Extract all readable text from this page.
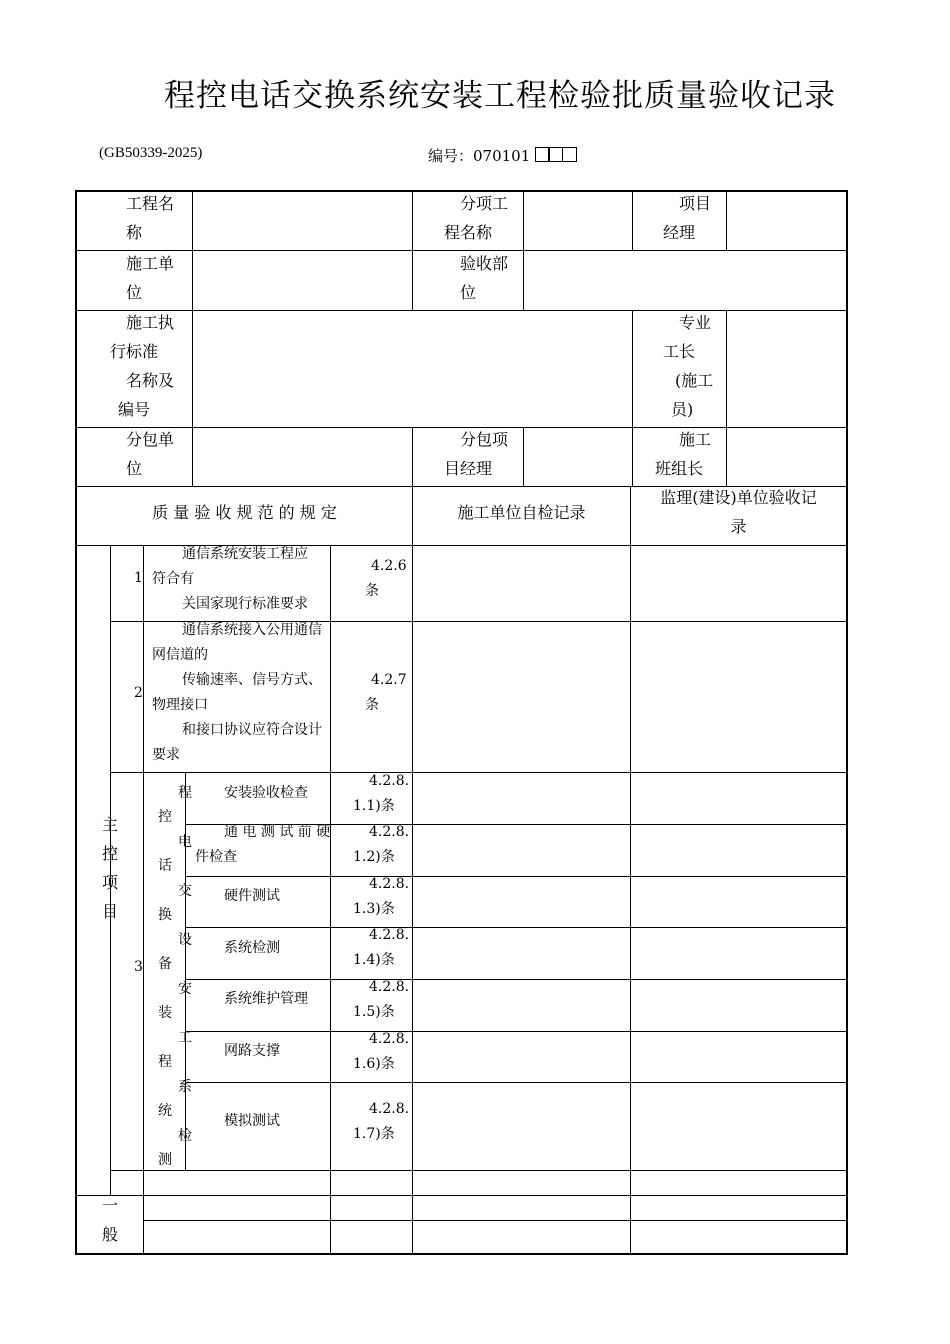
程控电话交换系统安装工程检验批质量验收记录
(GB50339-2025)	编号：070101
工程名
称
分项工
程名称
项目
经理
施工单
位
验收部
位
施工执
行标准
名称及
编号
专业
工长
(施工
员)
分包单
位
分包项
目经理
施工
班组长
质 量 验 收 规 范 的 规 定	施工单位自检记录
监理(建设)单位验收记
录
主
控
项
目
1
通信系统安装工程应
符合有
关国家现行标准要求
4.2.6
条
2
通信系统接入公用通信
网信道的
传输速率、信号方式、
物理接口
和接口协议应符合设计
要求
4.2.7
条
3
程
电
交
设
安
工
系
检
控
话
换
备
装
程
统
测
安装验收检查
4.2.8.
1.1)条
通 电 测 试 前 硬
件检查
4.2.8.
1.2)条
硬件测试
4.2.8.
1.3)条
系统检测
4.2.8.
1.4)条
系统维护管理
4.2.8.
1.5)条
网路支撑
4.2.8.
1.6)条
模拟测试
4.2.8.
1.7)条
一
般
